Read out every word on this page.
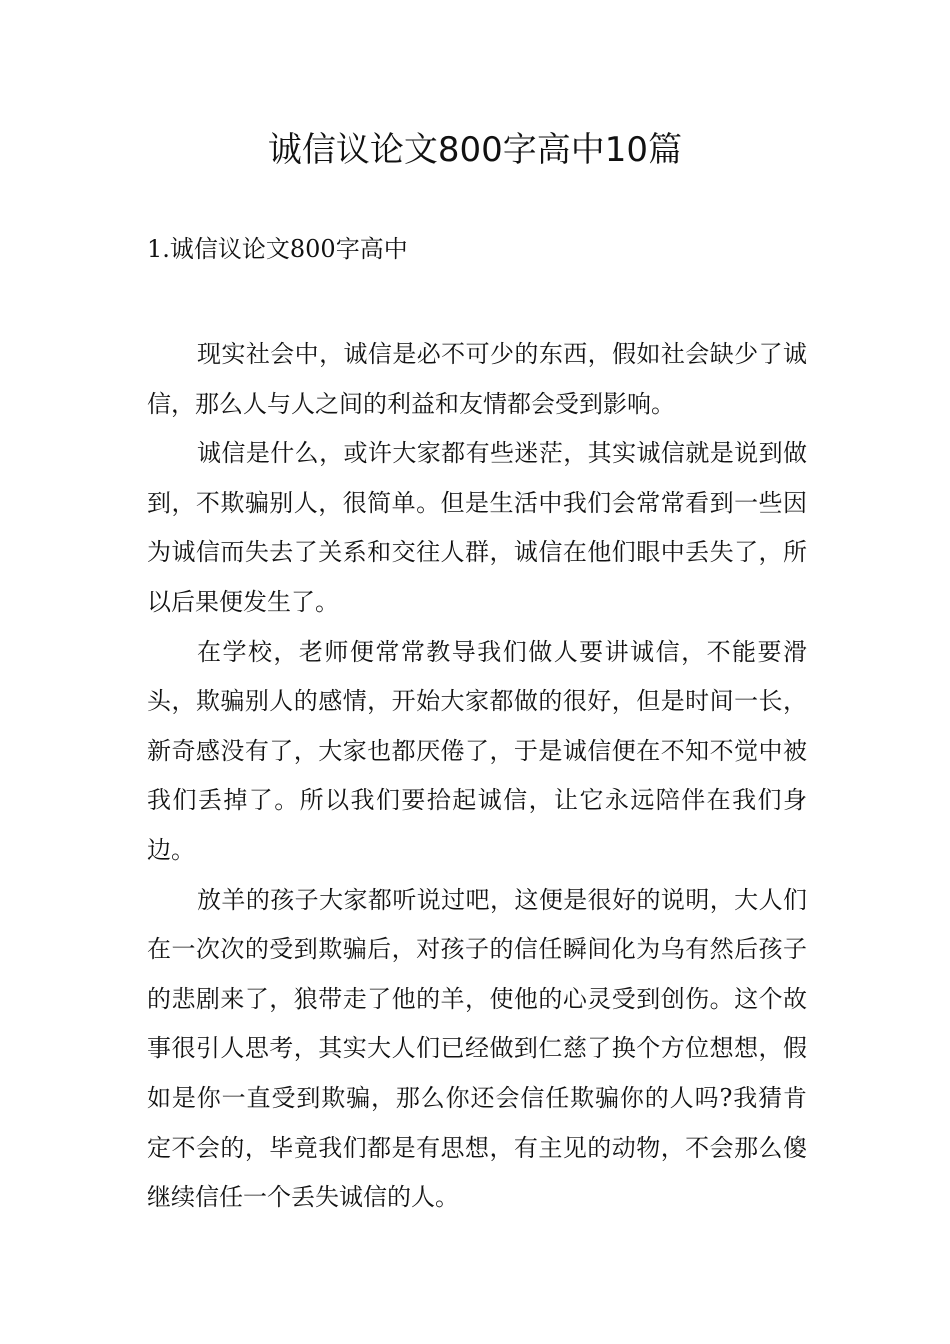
诚信议论文800字高中10篇
1.诚信议论文800字高中

现实社会中，诚信是必不可少的东西，假如社会缺少了诚信，那么人与人之间的利益和友情都会受到影响。

诚信是什么，或许大家都有些迷茫，其实诚信就是说到做到，不欺骗别人，很简单。但是生活中我们会常常看到一些因为诚信而失去了关系和交往人群，诚信在他们眼中丢失了，所以后果便发生了。

在学校，老师便常常教导我们做人要讲诚信，不能要滑头，欺骗别人的感情，开始大家都做的很好，但是时间一长，新奇感没有了，大家也都厌倦了，于是诚信便在不知不觉中被我们丢掉了。所以我们要拾起诚信，让它永远陪伴在我们身边。

放羊的孩子大家都听说过吧，这便是很好的说明，大人们在一次次的受到欺骗后，对孩子的信任瞬间化为乌有然后孩子的悲剧来了，狼带走了他的羊，使他的心灵受到创伤。这个故事很引人思考，其实大人们已经做到仁慈了换个方位想想，假如是你一直受到欺骗，那么你还会信任欺骗你的人吗?我猜肯定不会的，毕竟我们都是有思想，有主见的动物，不会那么傻继续信任一个丢失诚信的人。
